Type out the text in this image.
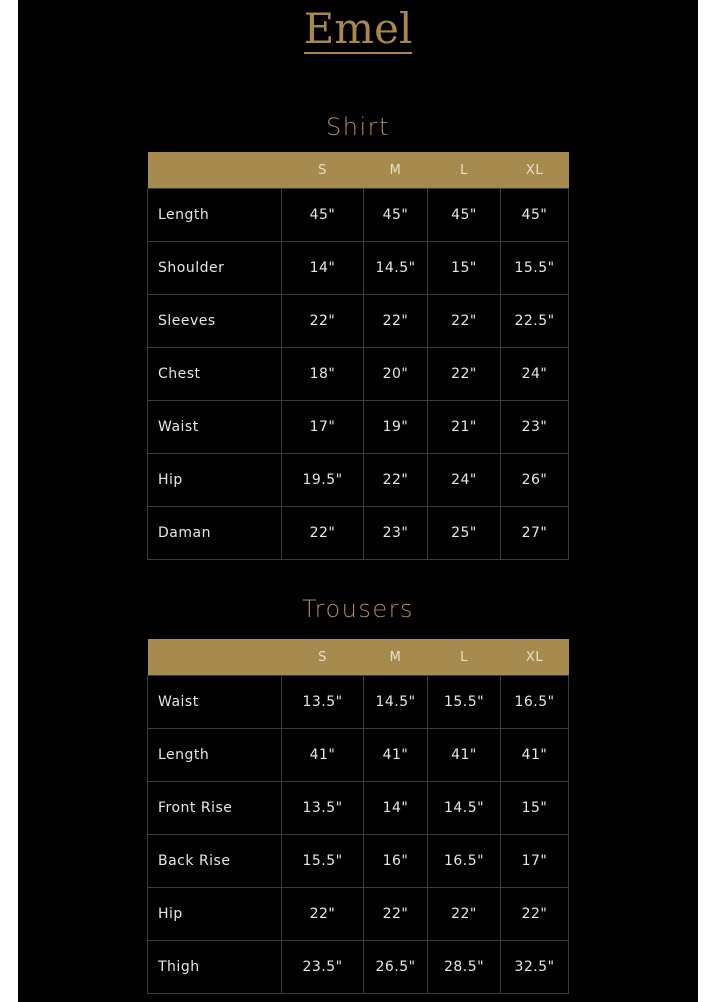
Emel
Shirt
	S	M	L	XL
Length	45"	45"	45"	45"
Shoulder	14"	14.5"	15"	15.5"
Sleeves	22"	22"	22"	22.5"
Chest	18"	20"	22"	24"
Waist	17"	19"	21"	23"
Hip	19.5"	22"	24"	26"
Daman	22"	23"	25"	27"
Trousers
	S	M	L	XL
Waist	13.5"	14.5"	15.5"	16.5"
Length	41"	41"	41"	41"
Front Rise	13.5"	14"	14.5"	15"
Back Rise	15.5"	16"	16.5"	17"
Hip	22"	22"	22"	22"
Thigh	23.5"	26.5"	28.5"	32.5"
